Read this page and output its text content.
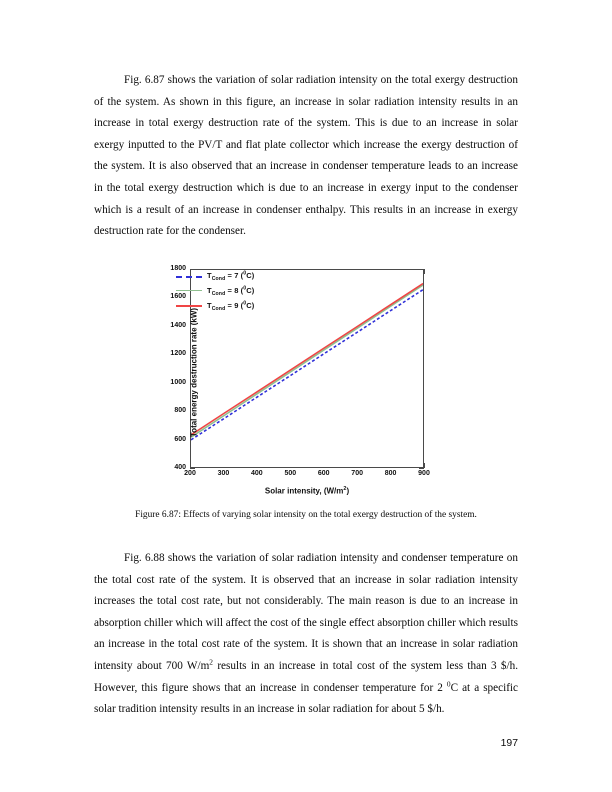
Fig. 6.87 shows the variation of solar radiation intensity on the total exergy destruction of the system. As shown in this figure, an increase in solar radiation intensity results in an increase in total exergy destruction rate of the system. This is due to an increase in solar exergy inputted to the PV/T and flat plate collector which increase the exergy destruction of the system. It is also observed that an increase in condenser temperature leads to an increase in the total exergy destruction which is due to an increase in exergy input to the condenser which is a result of an increase in condenser enthalpy. This results in an increase in exergy destruction rate for the condenser.

400
600
800
1000
1200
1400
1600
1800
200	300	400	500	600	700	800	900
$T_{Cond} = 7$ ($^0$C)
$T_{Cond} = 8$ ($^0$C)
$T_{Cond} = 9$ ($^0$C)
Solar intensity, $(W/m^2)$
Total energy destruction rate (kW)
Figure 6.87: Effects of varying solar intensity on the total exergy destruction of the system.

Fig. 6.88 shows the variation of solar radiation intensity and condenser temperature on the total cost rate of the system. It is observed that an increase in solar radiation intensity increases the total cost rate, but not considerably. The main reason is due to an increase in absorption chiller which will affect the cost of the single effect absorption chiller which results an increase in the total cost rate of the system. It is shown that an increase in solar radiation intensity about 700 $W/m^2$ results in an increase in total cost of the system less than 3 $/h. However, this figure shows that an increase in condenser temperature for 2 $^0$C at a specific solar tradition intensity results in an increase in solar radiation for about 5 $/h.

197
